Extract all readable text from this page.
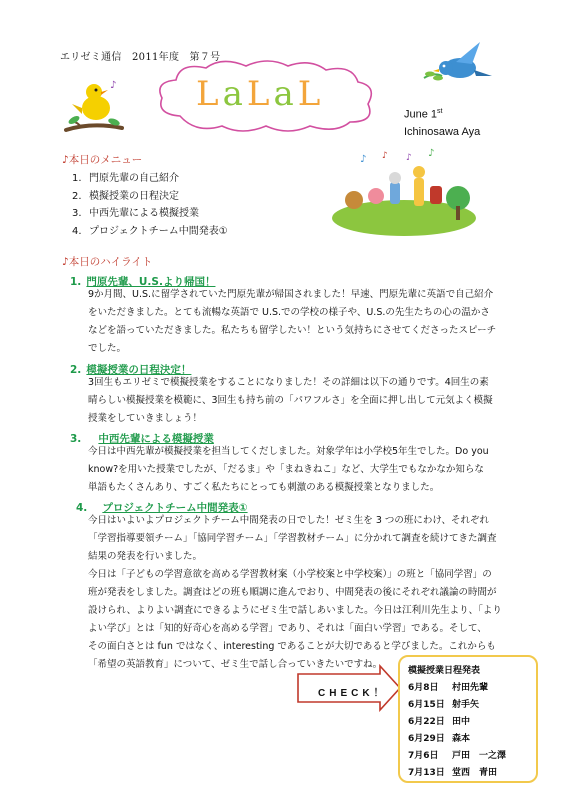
エリゼミ通信　2011年度　第７号
♪ LaLaL
June 1st
Ichinosawa Aya
♪ ♪ ♪ ♪
♪本日のメニュー
1. 門原先輩の自己紹介
2. 模擬授業の日程決定
3. 中西先輩による模擬授業
4. プロジェクトチーム中間発表①
♪本日のハイライト
1. 門原先輩、U.S.より帰国！
9か月間、U.S.に留学されていた門原先輩が帰国されました！早速、門原先輩に英語で自己紹介
をいただきました。とても流暢な英語で U.S.での学校の様子や、U.S.の先生たちの心の温かさ
などを語っていただきました。私たちも留学したい！という気持ちにさせてくださったスピーチ
でした。
2. 模擬授業の日程決定！
3回生もエリゼミで模擬授業をすることになりました！その詳細は以下の通りです。4回生の素
晴らしい模擬授業を模範に、3回生も持ち前の「パワフルさ」を全面に押し出して元気よく模擬
授業をしていきましょう！
3. 中西先輩による模擬授業
今日は中西先輩が模擬授業を担当してくだしました。対象学年は小学校5年生でした。Do you
know?を用いた授業でしたが、「だるま」や「まねきねこ」など、大学生でもなかなか知らな
単語もたくさんあり、すごく私たちにとっても刺激のある模擬授業となりました。
4. プロジェクトチーム中間発表①
今日はいよいよプロジェクトチーム中間発表の日でした！ゼミ生を 3 つの班にわけ、それぞれ
「学習指導要領チーム」「協同学習チーム」「学習教材チーム」に分かれて調査を続けてきた調査
結果の発表を行いました。
今日は「子どもの学習意欲を高める学習教材案（小学校案と中学校案）」の班と「協同学習」の
班が発表をしました。調査はどの班も順調に進んでおり、中間発表の後にそれぞれ議論の時間が
設けられ、よりよい調査にできるようにゼミ生で話しあいました。今日は江利川先生より、「より
よい学び」とは「知的好奇心を高める学習」であり、それは「面白い学習」である。そして、
その面白さとは fun ではなく、interesting であることが大切であると学びました。これからも
「希望の英語教育」について、ゼミ生で話し合っていきたいですね。
CHECK！
模擬授業日程発表
6月8日 村田先輩
6月15日 射手矢
6月22日 田中
6月29日 森本
7月6日 戸田　一之澤
7月13日 堂西　青田
